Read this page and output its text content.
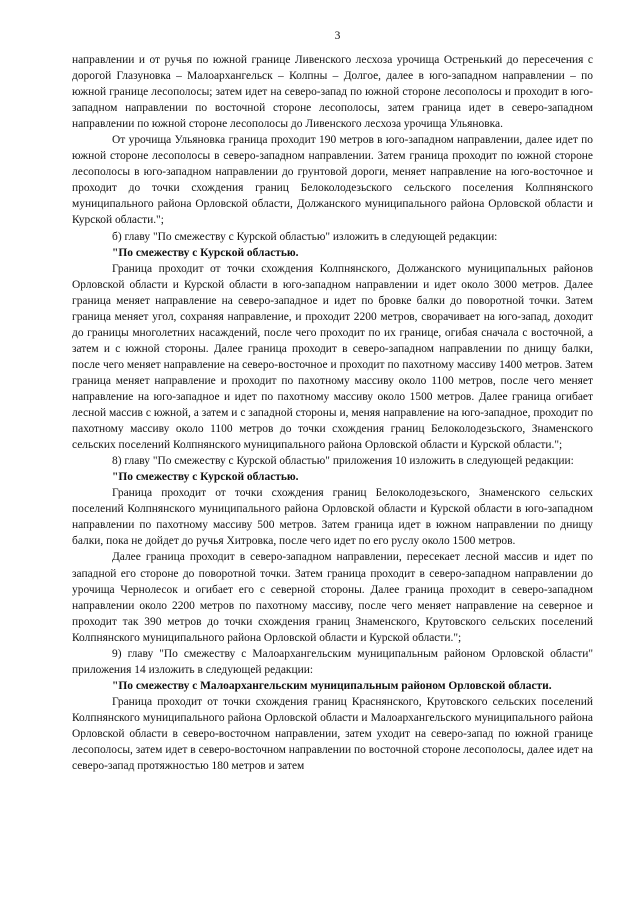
3

направлении и от ручья по южной границе Ливенского лесхоза урочища Остренький до пересечения с дорогой Глазуновка – Малоархангельск – Колпны – Долгое, далее в юго-западном направлении – по южной границе лесополосы; затем идет на северо-запад по южной стороне лесополосы и проходит в юго-западном направлении по восточной стороне лесополосы, затем граница идет в северо-западном направлении по южной стороне лесополосы до Ливенского лесхоза урочища Ульяновка.

От урочища Ульяновка граница проходит 190 метров в юго-западном направлении, далее идет по южной стороне лесополосы в северо-западном направлении. Затем граница проходит по южной стороне лесополосы в юго-западном направлении до грунтовой дороги, меняет направление на юго-восточное и проходит до точки схождения границ Белоколодезьского сельского поселения Колпнянского муниципального района Орловской области, Должанского муниципального района Орловской области и Курской области.";

б) главу "По смежеству с Курской областью" изложить в следующей редакции:

"По смежеству с Курской областью.

Граница проходит от точки схождения Колпнянского, Должанского муниципальных районов Орловской области и Курской области в юго-западном направлении и идет около 3000 метров. Далее граница меняет направление на северо-западное и идет по бровке балки до поворотной точки. Затем граница меняет угол, сохраняя направление, и проходит 2200 метров, сворачивает на юго-запад, доходит до границы многолетних насаждений, после чего проходит по их границе, огибая сначала с восточной, а затем и с южной стороны. Далее граница проходит в северо-западном направлении по днищу балки, после чего меняет направление на северо-восточное и проходит по пахотному массиву 1400 метров. Затем граница меняет направление и проходит по пахотному массиву около 1100 метров, после чего меняет направление на юго-западное и идет по пахотному массиву около 1500 метров. Далее граница огибает лесной массив с южной, а затем и с западной стороны и, меняя направление на юго-западное, проходит по пахотному массиву около 1100 метров до точки схождения границ Белоколодезьского, Знаменского сельских поселений Колпнянского муниципального района Орловской области и Курской области.";

8) главу "По смежеству с Курской областью" приложения 10 изложить в следующей редакции:

"По смежеству с Курской областью.

Граница проходит от точки схождения границ Белоколодезьского, Знаменского сельских поселений Колпнянского муниципального района Орловской области и Курской области в юго-западном направлении по пахотному массиву 500 метров. Затем граница идет в южном направлении по днищу балки, пока не дойдет до ручья Хитровка, после чего идет по его руслу около 1500 метров.

Далее граница проходит в северо-западном направлении, пересекает лесной массив и идет по западной его стороне до поворотной точки. Затем граница проходит в северо-западном направлении до урочища Чернолесок и огибает его с северной стороны. Далее граница проходит в северо-западном направлении около 2200 метров по пахотному массиву, после чего меняет направление на северное и проходит так 390 метров до точки схождения границ Знаменского, Крутовского сельских поселений Колпнянского муниципального района Орловской области и Курской области.";

9) главу "По смежеству с Малоархангельским муниципальным районом Орловской области" приложения 14 изложить в следующей редакции:

"По смежеству с Малоархангельским муниципальным районом Орловской области.

Граница проходит от точки схождения границ Краснянского, Крутовского сельских поселений Колпнянского муниципального района Орловской области и Малоархангельского муниципального района Орловской области в северо-восточном направлении, затем уходит на северо-запад по южной границе лесополосы, затем идет в северо-восточном направлении по восточной стороне лесополосы, далее идет на северо-запад протяжностью 180 метров и затем
